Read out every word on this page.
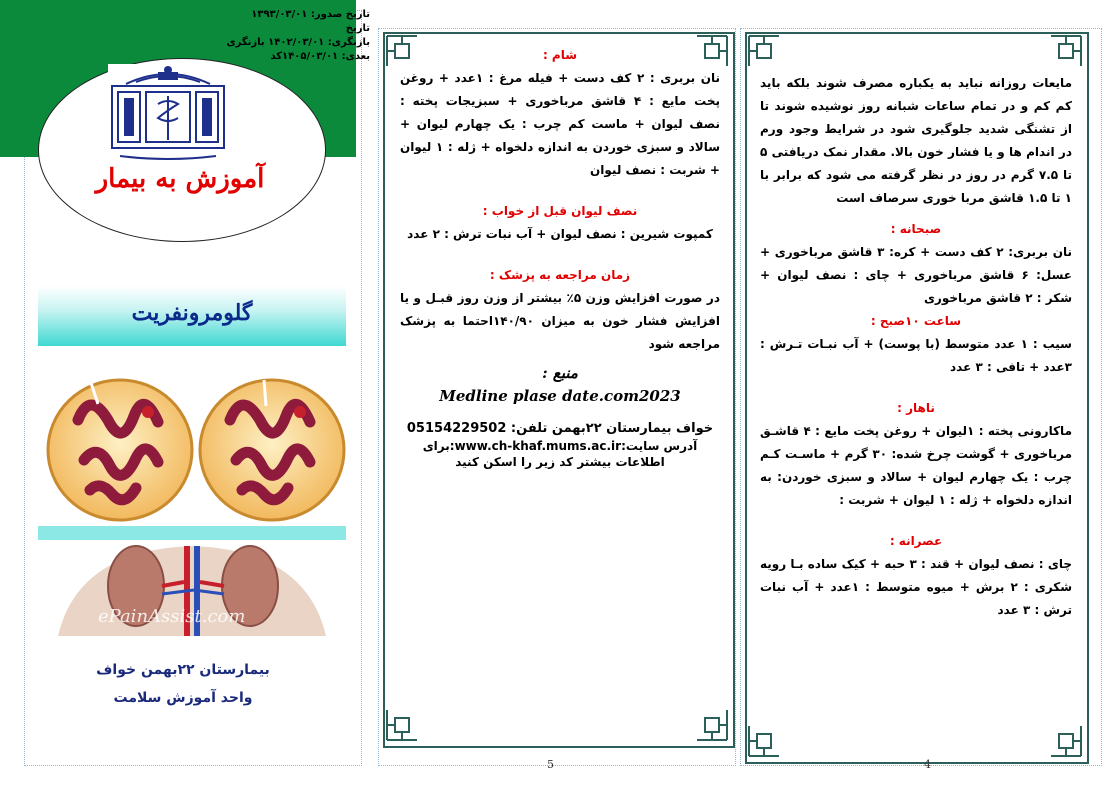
تاریخ صدور: ۱۳۹۳/۰۳/۰۱
تاریخ
بازنگری: ۱۴۰۲/۰۳/۰۱ بازنگری
بعدی: ۱۴۰۵/۰۳/۰۱کد
آموزش به بیمار
گلومرونفریت
ePainAssist.com
بیمارستان ۲۲بهمن خواف
واحد آموزش سلامت
شام :
نان بربری : ۲ کف دست + فیله مرغ : ۱عدد + روغن پخت مایع : ۴ قاشق مرباخوری + سبزیجات پخته : نصف لیوان + ماست کم چرب : یک چهارم لیوان + سالاد و سبزی خوردن به اندازه دلخواه + ژله : ۱ لیوان + شربت : نصف لیوان
نصف لیوان قبل از خواب :
کمپوت شیرین : نصف لیوان + آب نبات ترش : ۲ عدد
زمان مراجعه به پزشک :
در صورت افزایش وزن ۵٪ بیشتر از وزن روز قبـل و یا افزایش فشار خون به میزان ۱۴۰/۹۰احتما به پزشک مراجعه شود
منبع :
Medline plase date.com2023
خواف بیمارستان ۲۲بهمن تلفن: 05154229502
آدرس سایت:www.ch-khaf.mums.ac.ir:برای اطلاعات بیشتر کد زیر را اسکن کنید
5
مایعات روزانه نباید به یکباره مصرف شوند بلکه باید کم کم و در تمام ساعات شبانه روز نوشیده شوند تا از تشنگی شدید جلوگیری شود در شرایط وجود ورم در اندام ها و یا فشار خون بالا. مقدار نمک دریافتی ۵ تا ۷.۵ گرم در روز در نظر گرفته می شود که برابر با ۱ تا ۱.۵ قاشق مربا خوری سرصاف است
صبحانه :
نان بربری: ۲ کف دست + کره: ۳ قاشق مرباخوری + عسل: ۶ قاشق مرباخوری + چای : نصف لیوان + شکر : ۲ قاشق مرباخوری
ساعت ۱۰صبح :
سیب : ۱ عدد متوسط (با پوست) + آب نبـات تـرش : ۳عدد + تافی : ۳ عدد
ناهار :
ماکارونی پخته : ۱لیوان + روغن پخت مایع : ۴ قاشـق مرباخوری + گوشت چرخ شده: ۳۰ گرم + ماسـت کـم چرب : یک چهارم لیوان + سالاد و سبزی خوردن: به اندازه دلخواه + ژله : ۱ لیوان + شربت :
عصرانه :
چای : نصف لیوان + قند : ۳ حبه + کیک ساده بـا رویه شکری : ۲ برش + میوه متوسط : ۱عدد + آب نبات ترش : ۳ عدد
4
